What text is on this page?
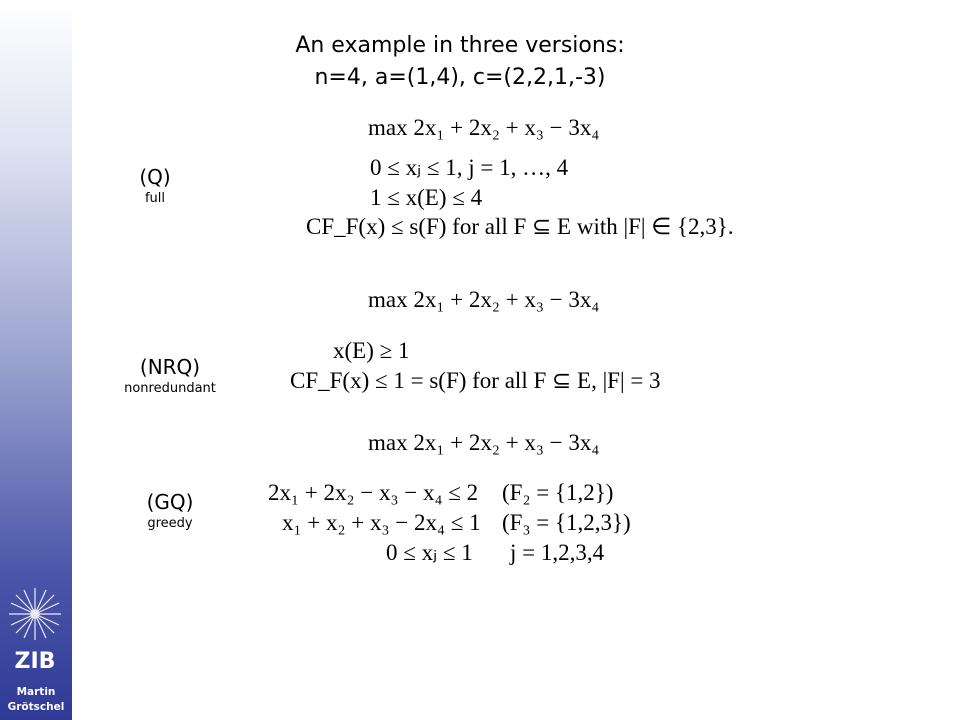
ZIB
Martin
Grötschel
An example in three versions:
n=4, a=(1,4), c=(2,2,1,-3)
(Q)
full
(NRQ)
nonredundant
(GQ)
greedy
max 2x₁ + 2x₂ + x₃ − 3x₄
0 ≤ xⱼ ≤ 1, j = 1, …, 4
1 ≤ x(E) ≤ 4
CF_F(x) ≤ s(F) for all F ⊆ E with |F| ∈ {2,3}.
max 2x₁ + 2x₂ + x₃ − 3x₄
x(E) ≥ 1
CF_F(x) ≤ 1 = s(F) for all F ⊆ E, |F| = 3
max 2x₁ + 2x₂ + x₃ − 3x₄
2x₁ + 2x₂ − x₃ − x₄ ≤ 2 (F₂ = {1,2})
x₁ + x₂ + x₃ − 2x₄ ≤ 1 (F₃ = {1,2,3})
0 ≤ xⱼ ≤ 1 j = 1,2,3,4
